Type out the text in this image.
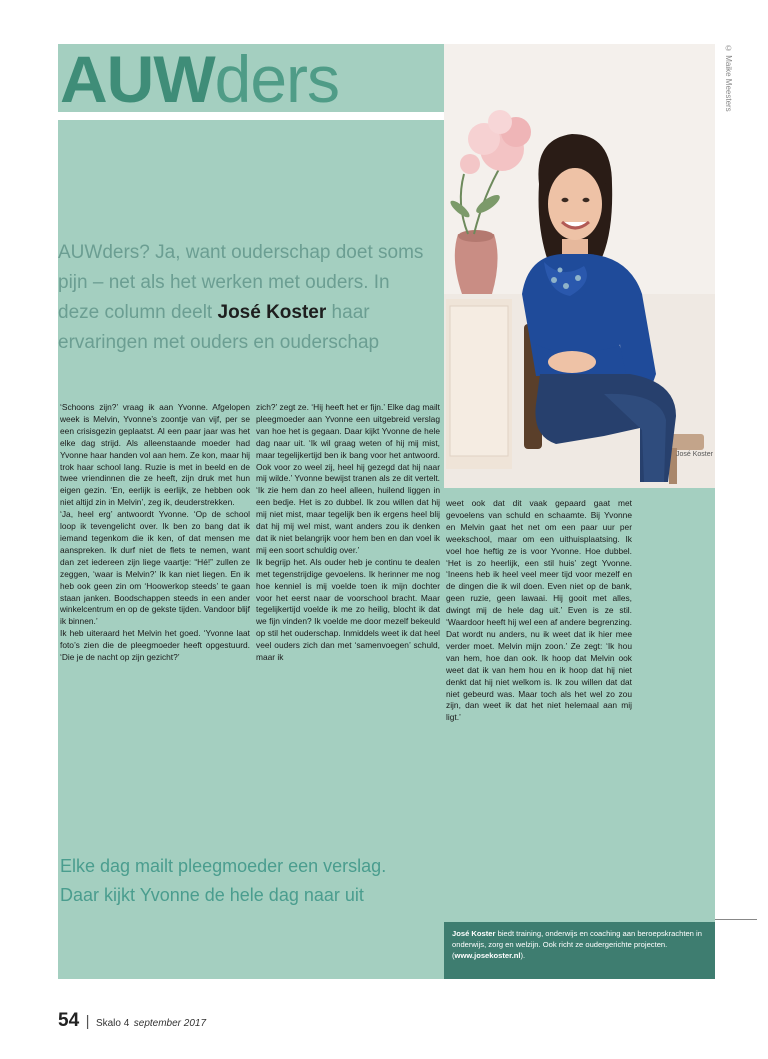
AUWders
José Koster
© Maike Meesters

AUWders? Ja, want ouderschap doet soms pijn – net als het werken met ouders. In deze column deelt José Koster haar ervaringen met ouders en ouderschap

‘Schoons zijn?’ vraag ik aan Yvonne. Afgelopen week is Melvin, Yvonne’s zoontje van vijf, per se een crisisgezin geplaatst. Al een paar jaar was het elke dag strijd. Als alleenstaande moeder had Yvonne haar handen vol aan hem. Ze kon, maar hij trok haar school lang. Ruzie is met in beeld en de twee vriendinnen die ze heeft, zijn druk met hun eigen gezin. ‘En, eerlijk is eerlijk, ze hebben ook niet altijd zin in Melvin’, zeg ik, deuderstrekken.
‘Ja, heel erg’ antwoordt Yvonne. ‘Op de school loop ik tevengelicht over. Ik ben zo bang dat ik iemand tegenkom die ik ken, of dat mensen me aanspreken. Ik durf niet de flets te nemen, want dan zet iedereen zijn liege vaartje: “Hé!” zullen ze zeggen, ‘waar is Melvin?’ Ik kan niet liegen. En ik heb ook geen zin om ‘Hoowerkop steeds’ te gaan staan janken. Boodschappen steeds in een ander winkelcentrum en op de gekste tijden. Vandoor blijf ik binnen.’
Ik heb uiteraard het Melvin het goed. ‘Yvonne laat foto’s zien die de pleegmoeder heeft opgestuurd. ‘Die je de nacht op zijn gezicht?’
zich?’ zegt ze. ‘Hij heeft het er fijn.’ Elke dag mailt pleegmoeder aan Yvonne een uitgebreid verslag van hoe het is gegaan. Daar kijkt Yvonne de hele dag naar uit. ‘Ik wil graag weten of hij mij mist, maar tegelijkertijd ben ik bang voor het antwoord. Ook voor zo weel zij, heel hij gezegd dat hij naar mij wilde.’ Yvonne bewijst tranen als ze dit vertelt. ‘Ik zie hem dan zo heel alleen, huilend liggen in een bedje. Het is zo dubbel. Ik zou willen dat hij mij niet mist, maar tegelijk ben ik ergens heel blij dat hij mij wel mist, want anders zou ik denken dat ik niet belangrijk voor hem ben en dan voel ik mij een soort schuldig over.’
Ik begrijp het. Als ouder heb je continu te dealen met tegenstrijdige gevoelens. Ik herinner me nog hoe kenniel is mij voelde toen ik mijn dochter voor het eerst naar de voorschool bracht. Maar tegelijkertijd voelde ik me zo heilig, blocht ik dat we fijn vinden? Ik voelde me door mezelf bekeuld op stil het ouderschap. Inmiddels weet ik dat heel veel ouders zich dan met ‘samenvoegen’ schuld, maar ik
weet ook dat dit vaak gepaard gaat met gevoelens van schuld en schaamte. Bij Yvonne en Melvin gaat het net om een paar uur per weekschool, maar om een uithuisplaatsing. Ik voel hoe heftig ze is voor Yvonne. Hoe dubbel. ‘Het is zo heerlijk, een stil huis’ zegt Yvonne. ‘Ineens heb ik heel veel meer tijd voor mezelf en de dingen die ik wil doen. Even niet op de bank, geen ruzie, geen lawaai. Hij gooit met alles, dwingt mij de hele dag uit.’ Even is ze stil. ‘Waardoor heeft hij wel een af andere begrenzing. Dat wordt nu anders, nu ik weet dat ik hier mee verder moet. Melvin mijn zoon.’ Ze zegt: ‘Ik hou van hem, hoe dan ook. Ik hoop dat Melvin ook weet dat ik van hem hou en ik hoop dat hij niet denkt dat hij niet welkom is. Ik zou willen dat dat niet gebeurd was. Maar toch als het wel zo zou zijn, dan weet ik dat het niet helemaal aan mij ligt.’

Elke dag mailt pleegmoeder een verslag. Daar kijkt Yvonne de hele dag naar uit

José Koster biedt training, onderwijs en coaching aan beroepskrachten in onderwijs, zorg en welzijn. Ook richt ze oudergerichte projecten. (www.josekoster.nl).
54 | Skalo 4 september 2017
